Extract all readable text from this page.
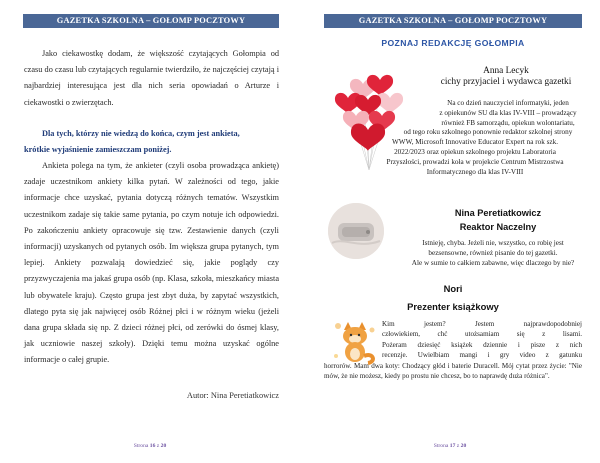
GAZETKA SZKOLNA – GOŁOMP POCZTOWY

Jako ciekawostkę dodam, że większość czytających Gołompia od czasu do czasu lub czytających regularnie twierdziło, że najczęściej czytają i najbardziej interesująca jest dla nich seria opowiadań o Arturze i ciekawostki o zwierzętach.

Dla tych, którzy nie wiedzą do końca, czym jest ankieta,

krótkie wyjaśnienie zamieszczam poniżej.

Ankieta polega na tym, że ankieter (czyli osoba prowadząca ankietę) zadaje uczestnikom ankiety kilka pytań. W zależności od tego, jakie informacje chce uzyskać, pytania dotyczą różnych tematów. Wszystkim uczestnikom zadaje się takie same pytania, po czym notuje ich odpowiedzi. Po zakończeniu ankiety opracowuje się tzw. Zestawienie danych (czyli informacji) uzyskanych od pytanych osób. Im większa grupa pytanych, tym lepiej. Ankiety pozwalają dowiedzieć się, jakie poglądy czy przyzwyczajenia ma jakaś grupa osób (np. Klasa, szkoła, mieszkańcy miasta lub obywatele kraju). Często grupa jest zbyt duża, by zapytać wszystkich, dlatego pyta się jak najwięcej osób Różnej płci i w różnym wieku (jeżeli dana grupa składa się np. Z dzieci różnej płci, od zerówki do ósmej klasy, jak uczniowie naszej szkoły). Dzięki temu można uzyskać ogólne informacje o całej grupie.

Autor: Nina Peretiatkowicz
Strona 16 z 20
GAZETKA SZKOLNA – GOŁOMP POCZTOWY
POZNAJ REDAKCJĘ GOŁOMPIA
Anna Lecyk
cichy przyjaciel i wydawca gazetki
Na co dzień nauczyciel informatyki, jeden
z opiekunów SU dla klas IV-VIII – prowadzący
również FB samorządu, opiekun wolontariatu,
od tego roku szkolnego ponownie redaktor szkolnej strony
WWW, Microsoft Innovative Educator Expert na rok szk.
2022/2023 oraz opiekun szkolnego projektu Laboratoria
Przyszłości, prowadzi koła w projekcie Centrum Mistrzostwa
Informatycznego dla klas IV-VIII
Nina Peretiatkowicz
Reaktor Naczelny
Istnieję, chyba. Jeżeli nie, wszystko, co robię jest
bezsensowne, również pisanie do tej gazetki.
Ale w sumie to całkiem zabawne, więc dlaczego by nie?
Nori
Prezenter książkowy
Kim jestem? Jestem najprawdopodobniej
człowiekiem, chć utożsamiam się z lisami.
Pożeram dziesięć książek dziennie i pisze z nich
recenzje. Uwielbiam mangi i gry video z gatunku
horrorów. Mam dwa koty: Chodzący głód i baterie Duracell. Mój cytat przez życie: "Nie mów, że nie możesz, kiedy po prostu nie chcesz, bo to naprawdę duża różnica".
Strona 17 z 20
